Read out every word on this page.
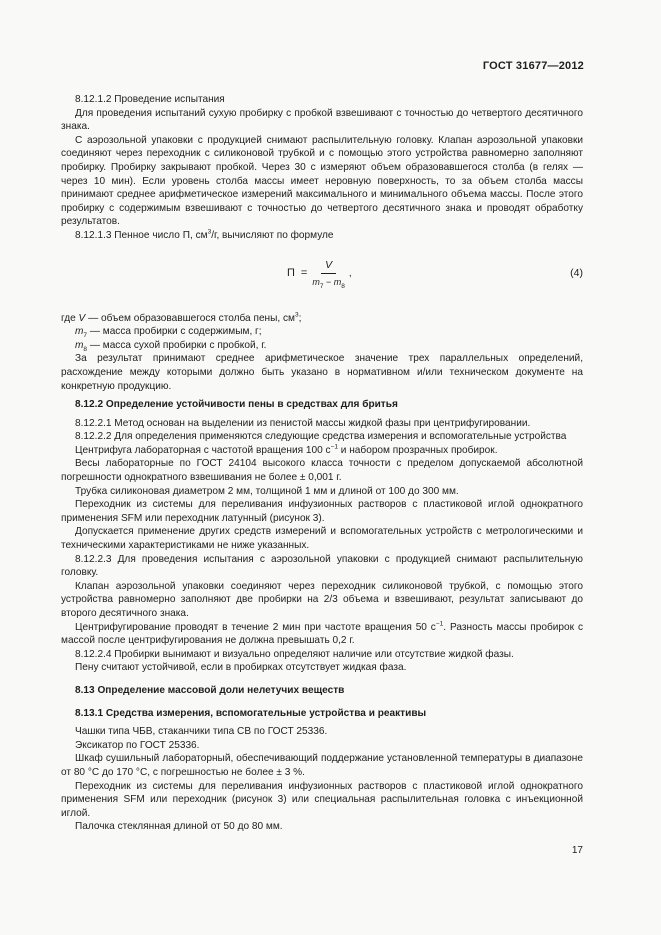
ГОСТ 31677—2012

8.12.1.2 Проведение испытания

Для проведения испытаний сухую пробирку с пробкой взвешивают с точностью до четвертого десятичного знака.

С аэрозольной упаковки с продукцией снимают распылительную головку. Клапан аэрозольной упаковки соединяют через переходник с силиконовой трубкой и с помощью этого устройства равномерно заполняют пробирку. Пробирку закрывают пробкой. Через 30 с измеряют объем образовавшегося столба (в гелях — через 10 мин). Если уровень столба массы имеет неровную поверхность, то за объем столба массы принимают среднее арифметическое измерений максимального и минимального объема массы. После этого пробирку с содержимым взвешивают с точностью до четвертого десятичного знака и проводят обработку результатов.

8.12.1.3 Пенное число П, $см^3/г$, вычисляют по формуле

$П = \frac{V}{m_7 - m_8}$ ,	(4)

где V — объем образовавшегося столба пены, $см^3$;

$m_7$ — масса пробирки с содержимым, г;

$m_8$ — масса сухой пробирки с пробкой, г.

За результат принимают среднее арифметическое значение трех параллельных определений, расхождение между которыми должно быть указано в нормативном и/или техническом документе на конкретную продукцию.

8.12.2 Определение устойчивости пены в средствах для бритья

8.12.2.1 Метод основан на выделении из пенистой массы жидкой фазы при центрифугировании.

8.12.2.2 Для определения применяются следующие средства измерения и вспомогательные устройства

Центрифуга лабораторная с частотой вращения 100 $с^{-1}$ и набором прозрачных пробирок.

Весы лабораторные по ГОСТ 24104 высокого класса точности с пределом допускаемой абсолютной погрешности однократного взвешивания не более ± 0,001 г.

Трубка силиконовая диаметром 2 мм, толщиной 1 мм и длиной от 100 до 300 мм.

Переходник из системы для переливания инфузионных растворов с пластиковой иглой однократного применения SFM или переходник латунный (рисунок 3).

Допускается применение других средств измерений и вспомогательных устройств с метрологическими и техническими характеристиками не ниже указанных.

8.12.2.3 Для проведения испытания с аэрозольной упаковки с продукцией снимают распылительную головку.

Клапан аэрозольной упаковки соединяют через переходник силиконовой трубкой, с помощью этого устройства равномерно заполняют две пробирки на 2/3 объема и взвешивают, результат записывают до второго десятичного знака.

Центрифугирование проводят в течение 2 мин при частоте вращения 50 $с^{-1}$. Разность массы пробирок с массой после центрифугирования не должна превышать 0,2 г.

8.12.2.4 Пробирки вынимают и визуально определяют наличие или отсутствие жидкой фазы.

Пену считают устойчивой, если в пробирках отсутствует жидкая фаза.

8.13 Определение массовой доли нелетучих веществ

8.13.1 Средства измерения, вспомогательные устройства и реактивы

Чашки типа ЧБВ, стаканчики типа СВ по ГОСТ 25336.

Эксикатор по ГОСТ 25336.

Шкаф сушильный лабораторный, обеспечивающий поддержание установленной температуры в диапазоне от 80 °С до 170 °С, с погрешностью не более ± 3 %.

Переходник из системы для переливания инфузионных растворов с пластиковой иглой однократного применения SFM или переходник (рисунок 3) или специальная распылительная головка с инъекционной иглой.

Палочка стеклянная длиной от 50 до 80 мм.

17
